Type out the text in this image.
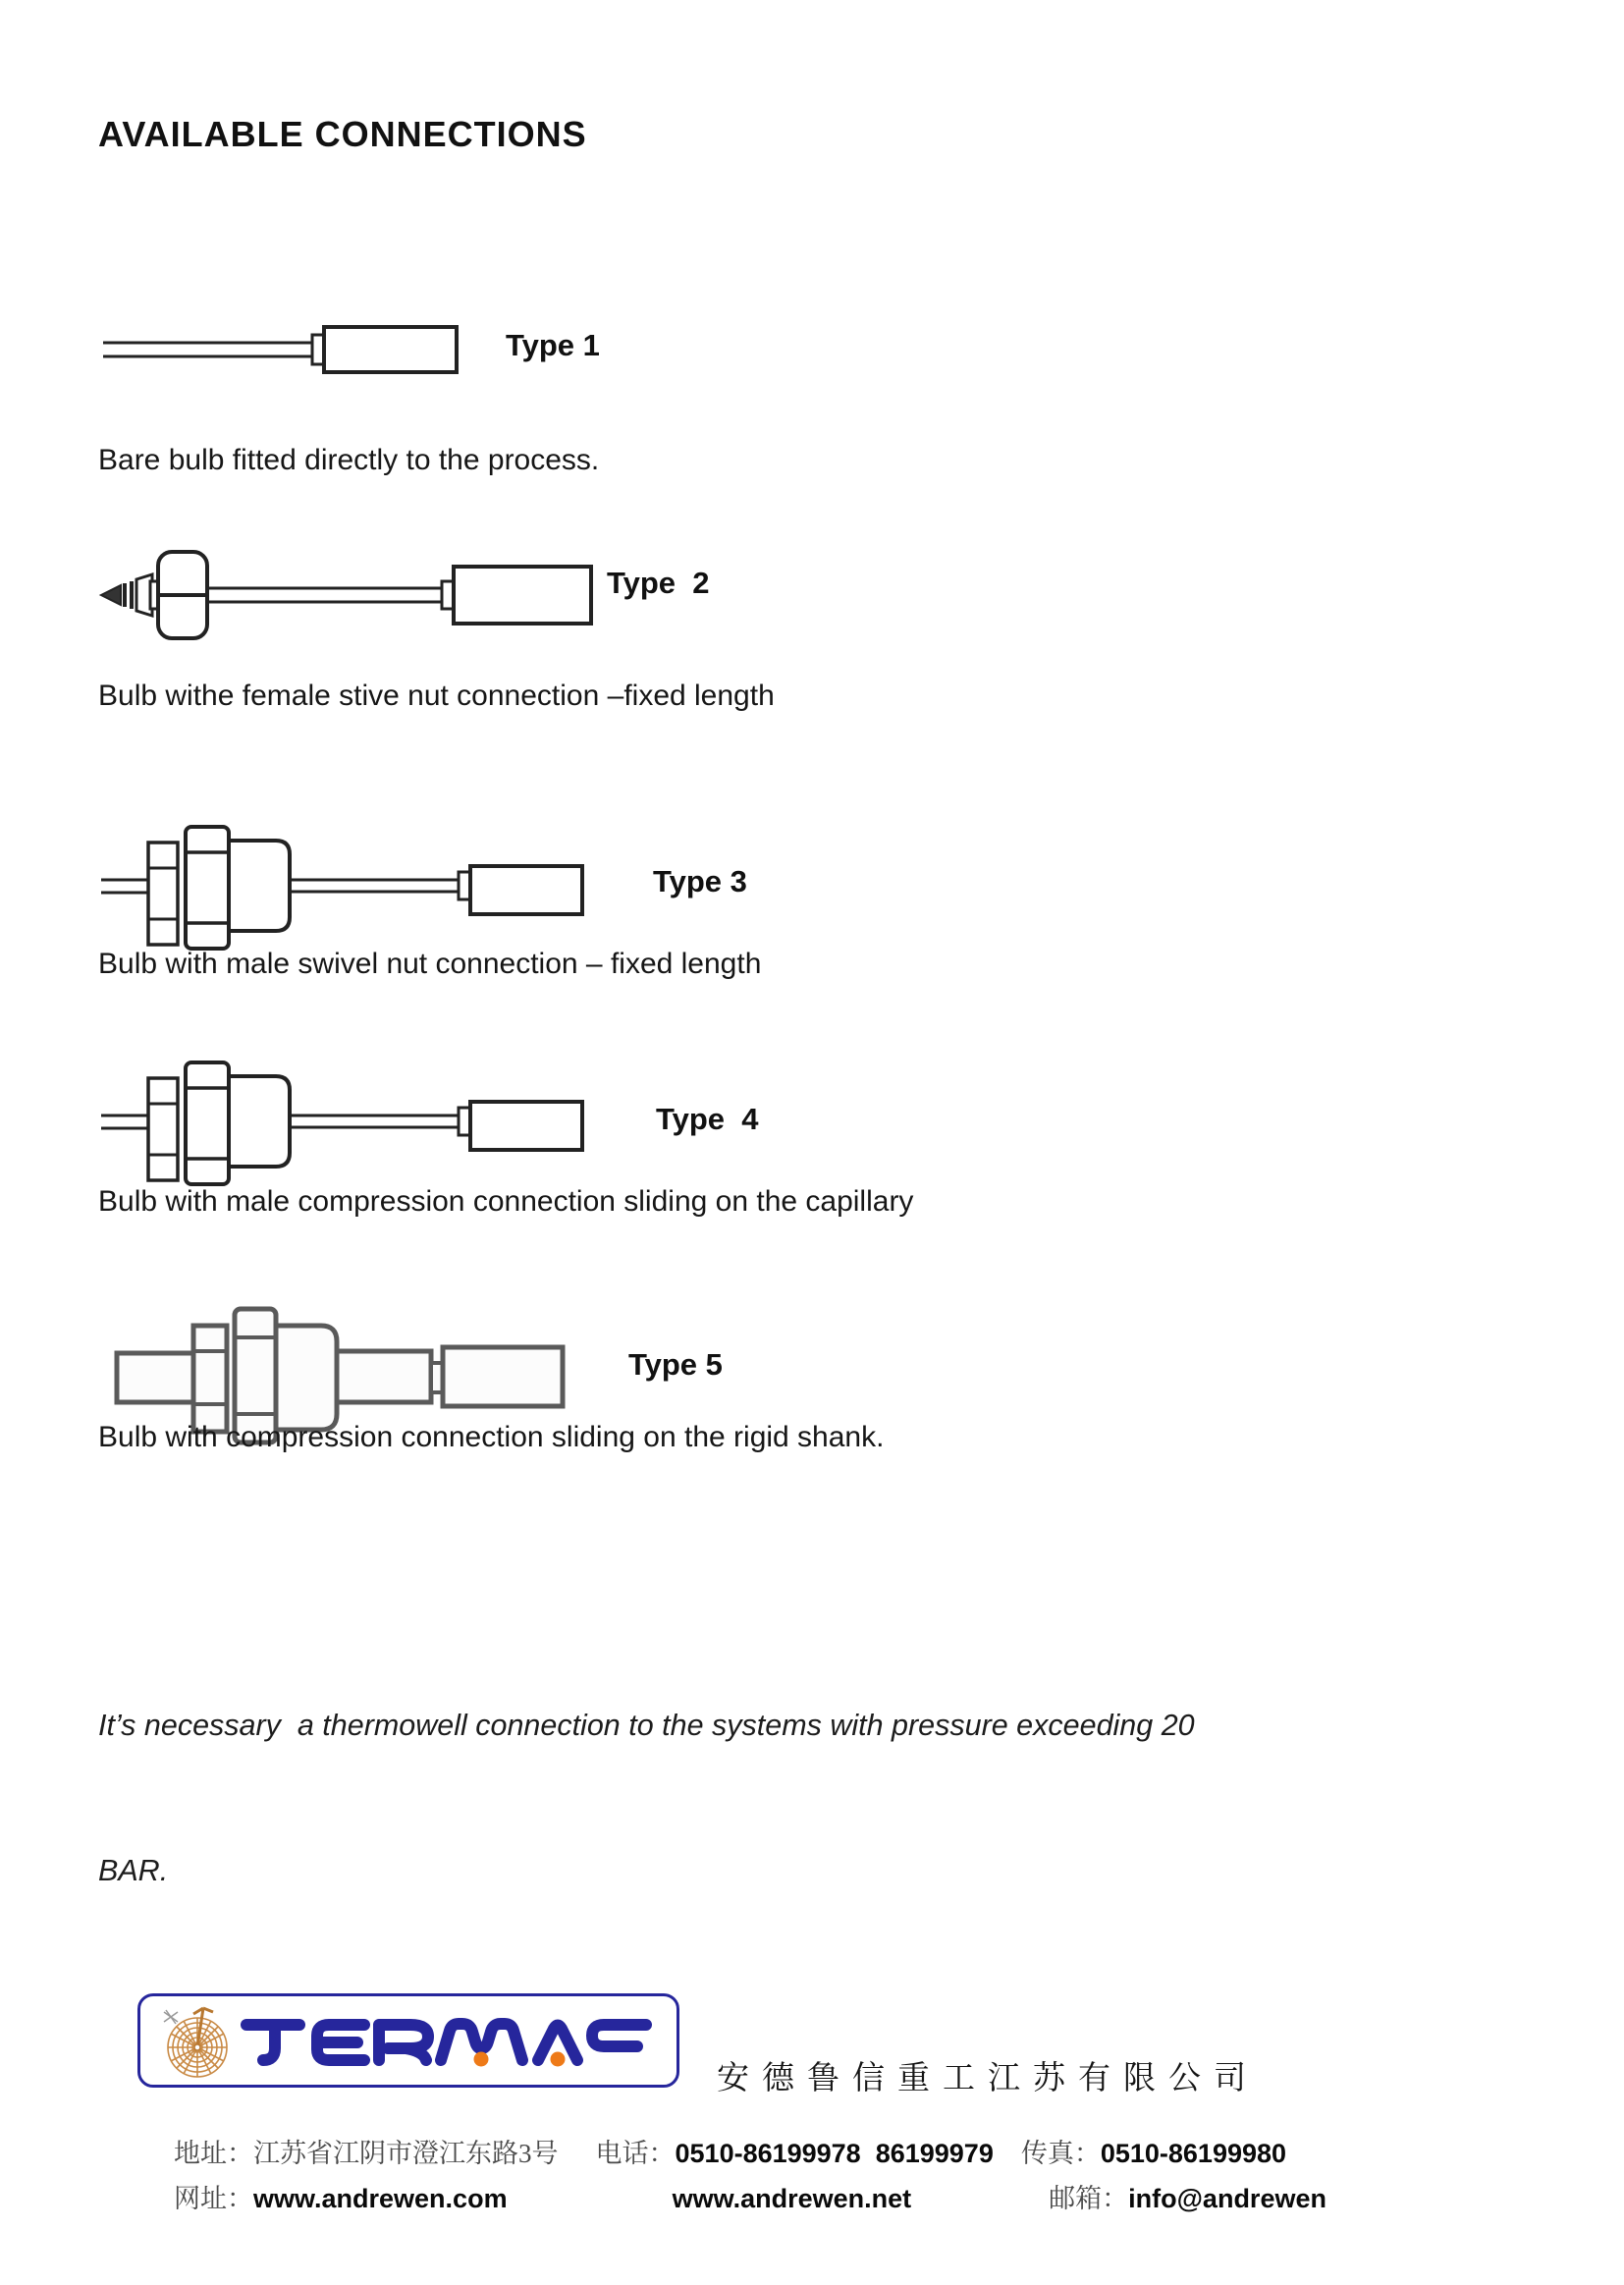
AVAILABLE CONNECTIONS
Type 1
Bare bulb fitted directly to the process.
Type  2
Bulb withe female stive nut connection –fixed length
Type 3
Bulb with male swivel nut connection – fixed length
Type  4
Bulb with male compression connection sliding on the capillary
Type 5
Bulb with compression connection sliding on the rigid shank.

It’s necessary  a thermowell connection to the systems with pressure exceeding 20

BAR.

安德鲁信重工江苏有限公司

地址：江苏省江阴市澄江东路3号 电话：0510-86199978  86199979 传真：0510-86199980

网址：www.andrewen.com	www.andrewen.net	邮箱：info@andrewen
